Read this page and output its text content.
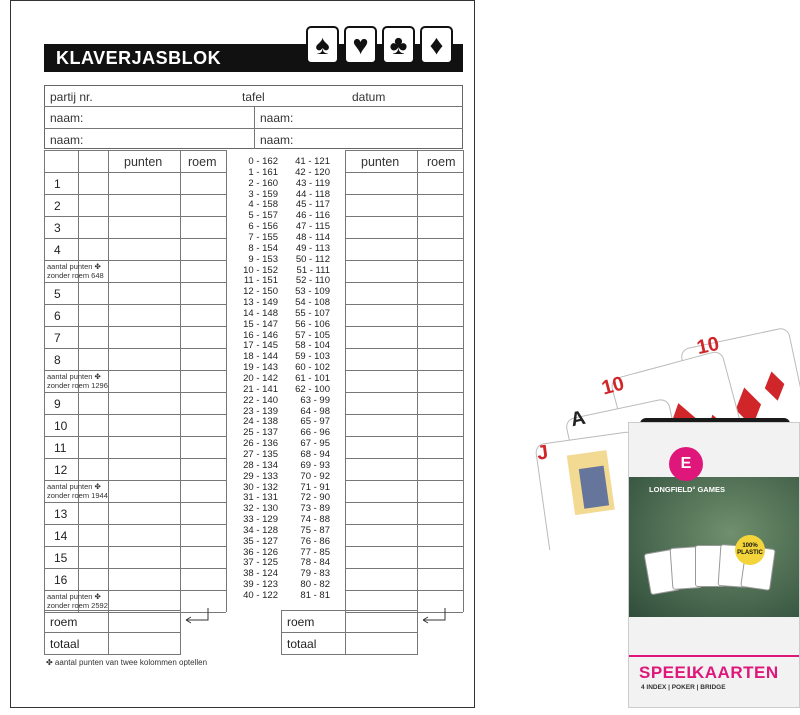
KLAVERJASBLOK	♠ ♥ ♣ ♦
partij nr.	tafel	datum
naam:	naam:
naam:	naam:
punten roem	punten roem
1
2
3
4
aantal punten ✤
zonder roem 648
5
6
7
8
aantal punten ✤
zonder roem 1296
9
10
11
12
aantal punten ✤
zonder roem 1944
13
14
15
16
aantal punten ✤
zonder roem 2592
0 - 162	41 - 121
1 - 161	42 - 120
2 - 160	43 - 119
3 - 159	44 - 118
4 - 158	45 - 117
5 - 157	46 - 116
6 - 156	47 - 115
7 - 155	48 - 114
8 - 154	49 - 113
9 - 153	50 - 112
10 - 152	51 - 111
11 - 151	52 - 110
12 - 150	53 - 109
13 - 149	54 - 108
14 - 148	55 - 107
15 - 147	56 - 106
16 - 146	57 - 105
17 - 145	58 - 104
18 - 144	59 - 103
19 - 143	60 - 102
20 - 142	61 - 101
21 - 141	62 - 100
22 - 140	63 - 99
23 - 139	64 - 98
24 - 138	65 - 97
25 - 137	66 - 96
26 - 136	67 - 95
27 - 135	68 - 94
28 - 134	69 - 93
29 - 133	70 - 92
30 - 132	71 - 91
31 - 131	72 - 90
32 - 130	73 - 89
33 - 129	74 - 88
34 - 128	75 - 87
35 - 127	76 - 86
36 - 126	77 - 85
37 - 125	78 - 84
38 - 124	79 - 83
39 - 123	80 - 82
40 - 122	81 - 81
roem
totaal
roem
totaal
✤ aantal punten van twee kolommen optellen
J
A
10
10
E
LONGFIELD° GAMES
100% PLASTIC
SPEEL
KAARTEN
4 INDEX | POKER | BRIDGE
